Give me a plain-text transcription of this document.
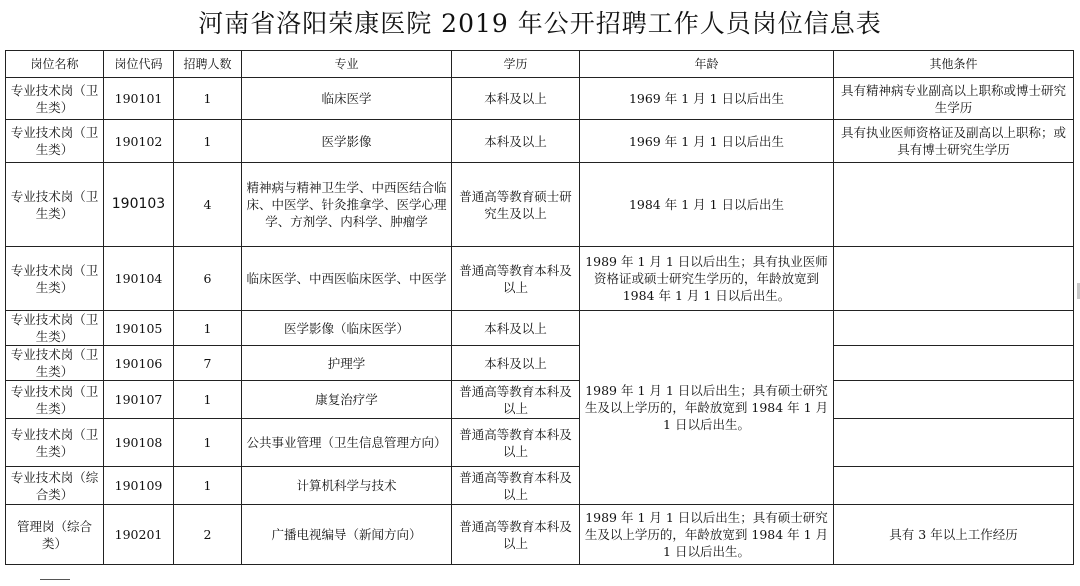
河南省洛阳荣康医院 2019 年公开招聘工作人员岗位信息表
岗位名称	岗位代码	招聘人数	专业	学历	年龄	其他条件
专业技术岗（卫生类）	190101	1	临床医学	本科及以上	1969 年 1 月 1 日以后出生	具有精神病专业副高以上职称或博士研究生学历
专业技术岗（卫生类）	190102	1	医学影像	本科及以上	1969 年 1 月 1 日以后出生	具有执业医师资格证及副高以上职称；或具有博士研究生学历
专业技术岗（卫生类）	190103	4	精神病与精神卫生学、中西医结合临床、中医学、针灸推拿学、医学心理学、方剂学、内科学、肿瘤学	普通高等教育硕士研究生及以上	1984 年 1 月 1 日以后出生	
专业技术岗（卫生类）	190104	6	临床医学、中西医临床医学、中医学	普通高等教育本科及以上	1989 年 1 月 1 日以后出生；具有执业医师资格证或硕士研究生学历的，年龄放宽到 1984 年 1 月 1 日以后出生。	
专业技术岗（卫生类）	190105	1	医学影像（临床医学）	本科及以上	1989 年 1 月 1 日以后出生；具有硕士研究生及以上学历的，年龄放宽到 1984 年 1 月 1 日以后出生。	
专业技术岗（卫生类）	190106	7	护理学	本科及以上		
专业技术岗（卫生类）	190107	1	康复治疗学	普通高等教育本科及以上		
专业技术岗（卫生类）	190108	1	公共事业管理（卫生信息管理方向）	普通高等教育本科及以上		
专业技术岗（综合类）	190109	1	计算机科学与技术	普通高等教育本科及以上		
管理岗（综合类）	190201	2	广播电视编导（新闻方向）	普通高等教育本科及以上	1989 年 1 月 1 日以后出生；具有硕士研究生及以上学历的，年龄放宽到 1984 年 1 月 1 日以后出生。	具有 3 年以上工作经历
